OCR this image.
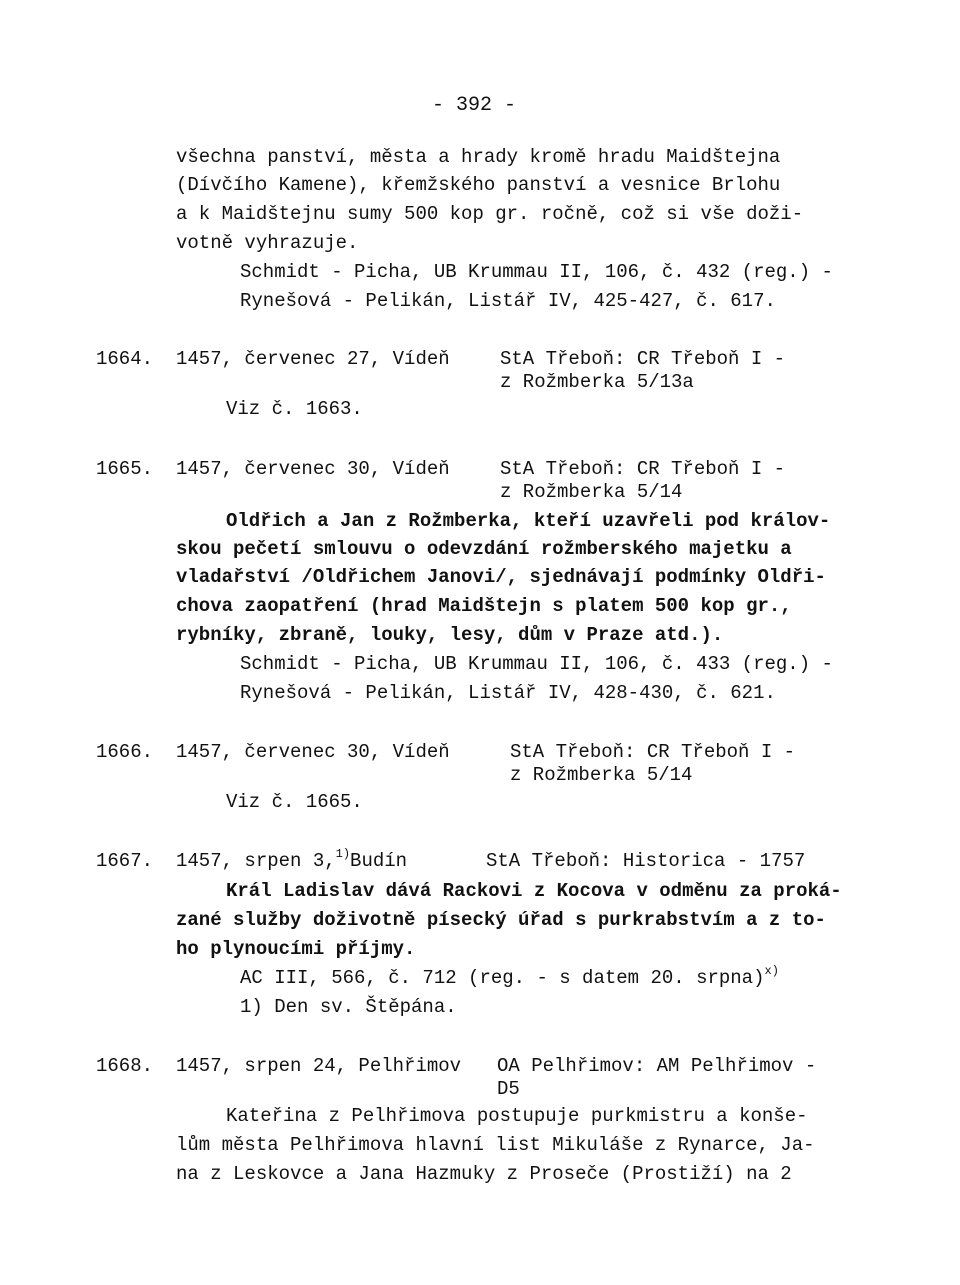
- 392 -
všechna panství, města a hrady kromě hradu Maidštejna
(Dívčího Kamene), křemžského panství a vesnice Brlohu
a k Maidštejnu sumy 500 kop gr. ročně, což si vše doži-
votně vyhrazuje.
Schmidt - Picha, UB Krummau II, 106, č. 432 (reg.) -
Rynešová - Pelikán, Listář IV, 425-427, č. 617.
1664. 1457, červenec 27, Vídeň	StA Třeboň: CR Třeboň I -
z Rožmberka 5/13a
Viz č. 1663.
1665. 1457, červenec 30, Vídeň	StA Třeboň: CR Třeboň I -
z Rožmberka 5/14
Oldřich a Jan z Rožmberka, kteří uzavřeli pod králov-
skou pečetí smlouvu o odevzdání rožmberského majetku a
vladařství /Oldřichem Janovi/, sjednávají podmínky Oldři-
chova zaopatření (hrad Maidštejn s platem 500 kop gr.,
rybníky, zbraně, louky, lesy, dům v Praze atd.).
Schmidt - Picha, UB Krummau II, 106, č. 433 (reg.) -
Rynešová - Pelikán, Listář IV, 428-430, č. 621.
1666. 1457, červenec 30, Vídeň	StA Třeboň: CR Třeboň I -
z Rožmberka 5/14
Viz č. 1665.
1667. 1457, srpen 3,$^{1)}$Budín	StA Třeboň: Historica - 1757
Král Ladislav dává Rackovi z Kocova v odměnu za proká-
zané služby doživotně písecký úřad s purkrabstvím a z to-
ho plynoucími příjmy.
AC III, 566, č. 712 (reg. - s datem 20. srpna)$^{x)}$
1) Den sv. Štěpána.
1668. 1457, srpen 24, Pelhřimov OA Pelhřimov: AM Pelhřimov -
D5
Kateřina z Pelhřimova postupuje purkmistru a konše-
lům města Pelhřimova hlavní list Mikuláše z Rynarce, Ja-
na z Leskovce a Jana Hazmuky z Proseče (Prostiží) na 2
